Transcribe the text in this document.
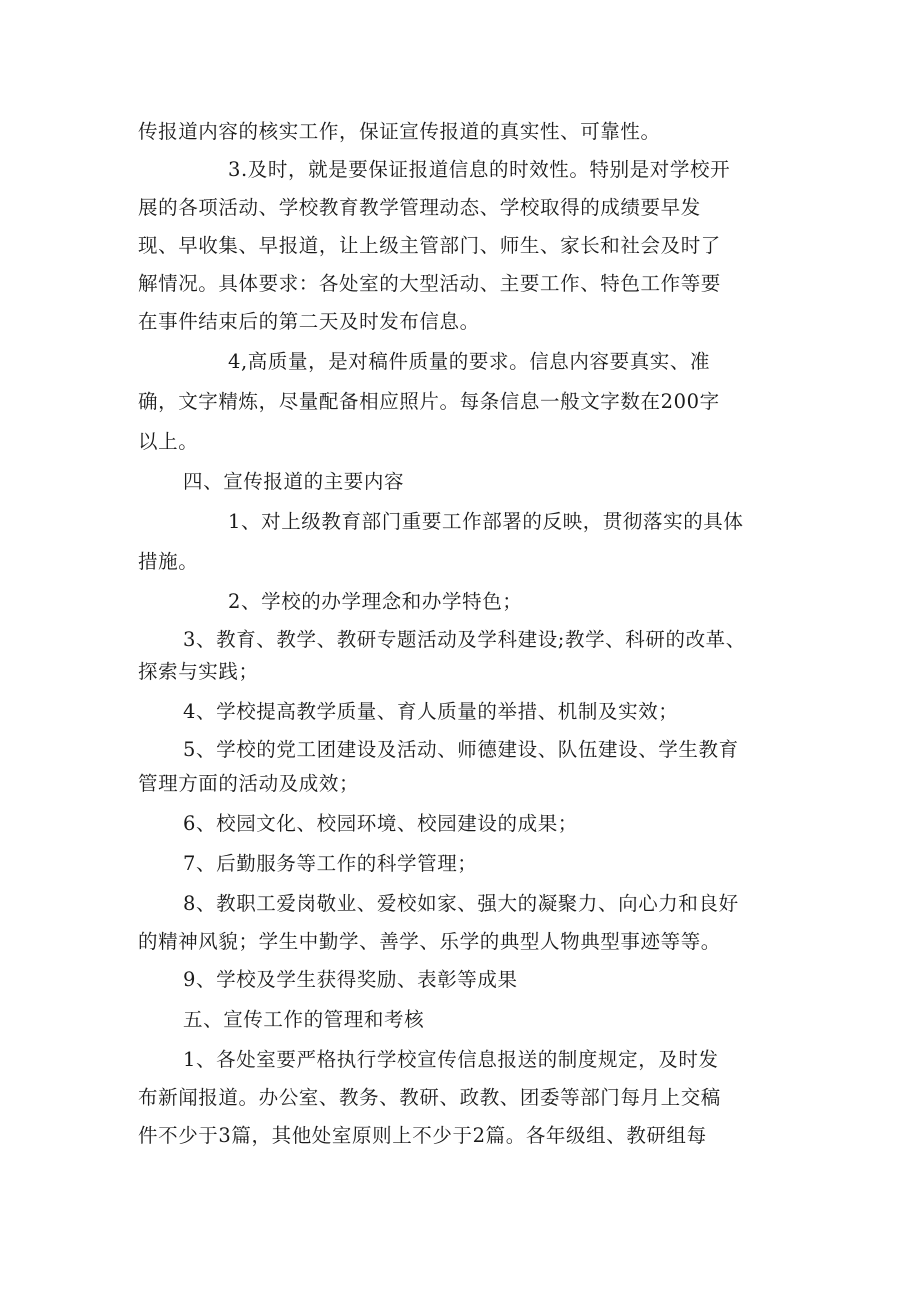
传报道内容的核实工作，保证宣传报道的真实性、可靠性。
3.及时，就是要保证报道信息的时效性。特别是对学校开
展的各项活动、学校教育教学管理动态、学校取得的成绩要早发
现、早收集、早报道，让上级主管部门、师生、家长和社会及时了
解情况。具体要求：各处室的大型活动、主要工作、特色工作等要
在事件结束后的第二天及时发布信息。
4,高质量，是对稿件质量的要求。信息内容要真实、准
确，文字精炼，尽量配备相应照片。每条信息一般文字数在200字
以上。
四、宣传报道的主要内容
1、对上级教育部门重要工作部署的反映，贯彻落实的具体
措施。
2、学校的办学理念和办学特色；
3、教育、教学、教研专题活动及学科建设;教学、科研的改革、
探索与实践；
4、学校提高教学质量、育人质量的举措、机制及实效；
5、学校的党工团建设及活动、师德建设、队伍建设、学生教育
管理方面的活动及成效；
6、校园文化、校园环境、校园建设的成果；
7、后勤服务等工作的科学管理；
8、教职工爱岗敬业、爱校如家、强大的凝聚力、向心力和良好
的精神风貌；学生中勤学、善学、乐学的典型人物典型事迹等等。
9、学校及学生获得奖励、表彰等成果
五、宣传工作的管理和考核
1、各处室要严格执行学校宣传信息报送的制度规定，及时发
布新闻报道。办公室、教务、教研、政教、团委等部门每月上交稿
件不少于3篇，其他处室原则上不少于2篇。各年级组、教研组每
